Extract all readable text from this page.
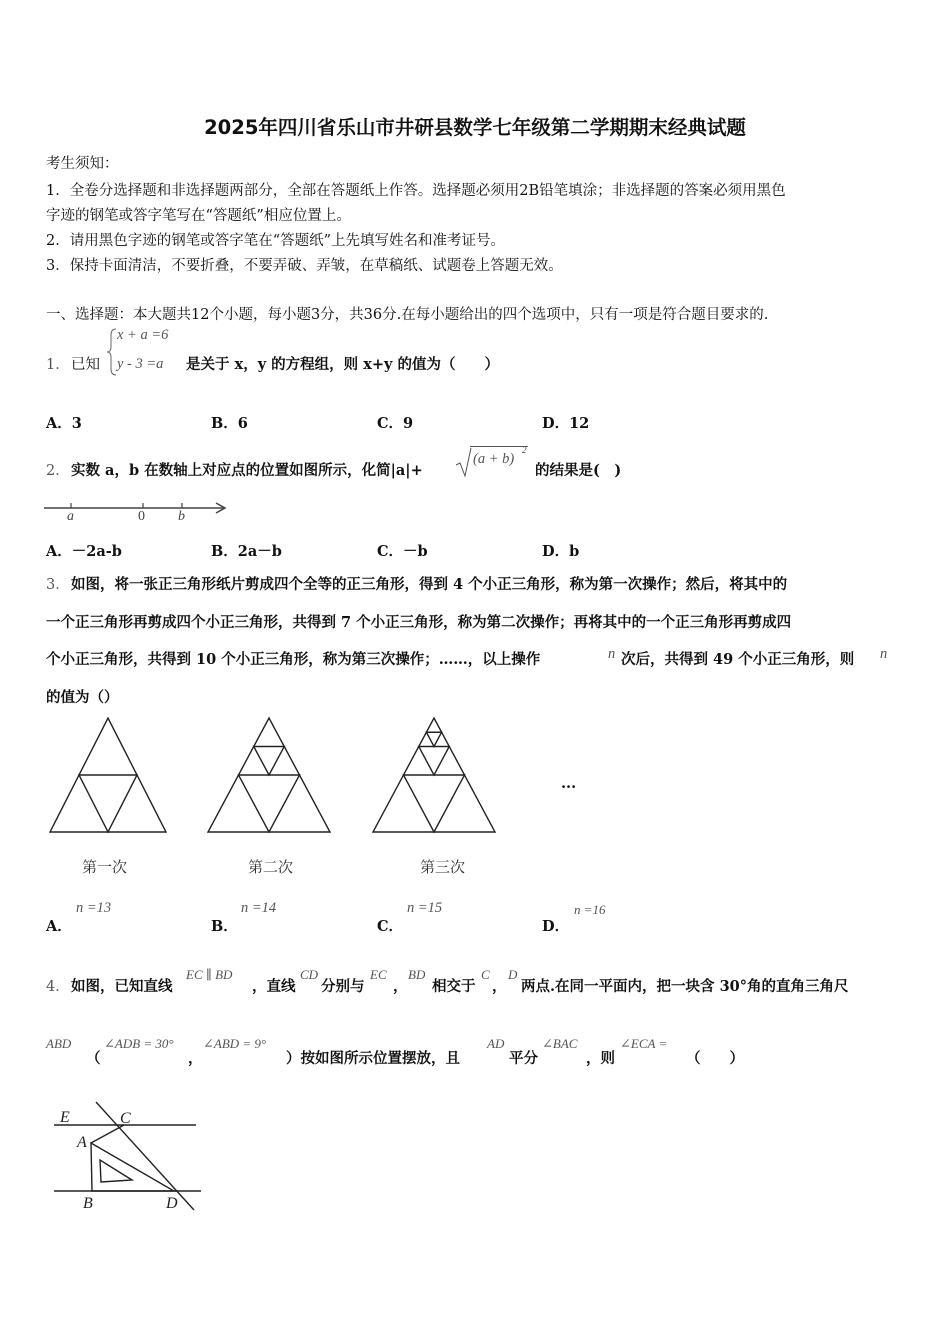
2025年四川省乐山市井研县数学七年级第二学期期末经典试题
考生须知：
1．全卷分选择题和非选择题两部分，全部在答题纸上作答。选择题必须用2B铅笔填涂；非选择题的答案必须用黑色
字迹的钢笔或答字笔写在“答题纸”相应位置上。
2．请用黑色字迹的钢笔或答字笔在“答题纸”上先填写姓名和准考证号。
3．保持卡面清洁，不要折叠，不要弄破、弄皱，在草稿纸、试题卷上答题无效。
一、选择题：本大题共12个小题，每小题3分，共36分.在每小题给出的四个选项中，只有一项是符合题目要求的.
1． 已知
x + a =6
y - 3 =a 是关于 x，y 的方程组，则 x+y 的值为（　　）
A．3	B．6	C．9	D．12
2． 实数 a，b 在数轴上对应点的位置如图所示，化简|a|+
(a + b)
2
的结果是(　)
a	0 b
A．－2a-b	B．2a－b	C．－b	D．b
3． 如图，将一张正三角形纸片剪成四个全等的正三角形，得到 4 个小正三角形，称为第一次操作；然后，将其中的
一个正三角形再剪成四个小正三角形，共得到 7 个小正三角形，称为第二次操作；再将其中的一个正三角形再剪成四
个小正三角形，共得到 10 个小正三角形，称为第三次操作；……，以上操作	n 次后，共得到 49 个小正三角形，则 n
的值为（）
...
第一次	第二次	第三次
A．
n =13
B．
n =14
C．
n =15
D．
n =16
4． 如图，已知直线
EC ∥ BD
，直线
CD
分别与
EC
，
BD
相交于
C
，
D
两点.在同一平面内，把一块含 30°角的直角三角尺
ABD
（
∠ADB = 30°
，
∠ABD = 9°
）按如图所示位置摆放，且
AD
平分
∠BAC
，则
∠ECA =
（　　）
E	C
A
B	D
